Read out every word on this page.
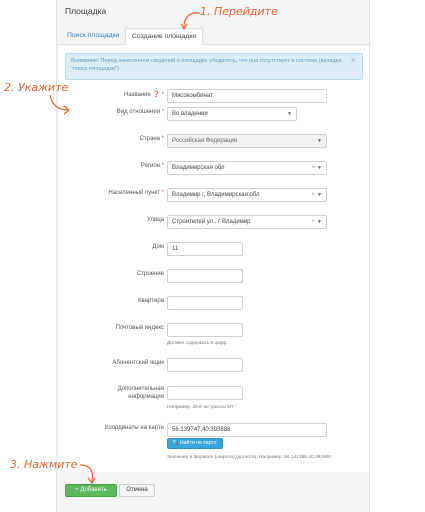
Площадка
Поиск площадки	Создание площадки
Внимание! Перед занесением сведений о площадке убедитесь, что она отсутствует в системе (вкладка "поиск площадки")
×
Название ❓ *	Мясокомбинат
Вид отношения *	Во владении	▼
Страна *	Российская Федерация	▼
Регион *	Владимирская обл	× ▼
Населенный пункт *	Владимир г, Владимирская обл	× ▼
Улица	Строителей ул., г Владимир	× ▼
Дом	11
Строение
Квартира
Почтовый индекс
Должен содержать 6 цифр
Абонентский ящик
Дополнительная
информация
Например: 25-й км трассы М7
Координаты на карте	56.139747,40.393888
🔍 Найти на карте
Значение в формате (широта),(долгота). Например: 56.141355,40.292900
+ Добавить	Отмена
1. Перейдите
2. Укажите
3. Нажмите
